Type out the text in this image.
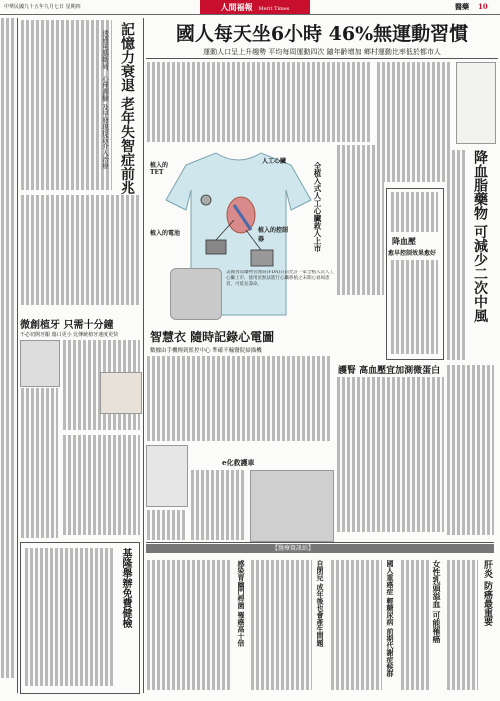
中華民國九十五年九月七日 星期四	人間福報 Merit Times	醫藥 10
記憶力衰退 老年失智症前兆
透過電腦斷層、心理測驗 及早發現提前介入治療
微創植牙 只需十分鐘
不必切開牙齦 傷口更小 比傳統植牙速度更快
基隆舉辦免費健檢
國人每天坐6小時 46%無運動習慣
運動人口呈上升趨勢 平均每周運動四次 隨年齡增加 鄉村運動比率低於都市人
植入的TET
人工心臟
植入的電池	植入的控制器	全植入式人工心臟救人上市
美國食品藥物管理局(FDA)日前允許一家全植入式人工心臟上市，使用於無法進行心臟移植之末期心衰竭患者，可延長壽命。
智慧衣 隨時記錄心電圖
數據由手機傳到監控中心 準確不輸醫院掃描機
降血壓
愈早控制效果愈好	降血脂藥物 可減少二次中風
護腎 高血壓宜加測微蛋白
e化救護車
【醫療資訊站】
肝炎 防癌最重要
女性乳頭溢血 可能罹癌
國人重癌症 輕糖尿病 前期代謝症候群
自閉兒 成年後也會產生問題
感染胃幽門桿菌 罹癌高十倍
